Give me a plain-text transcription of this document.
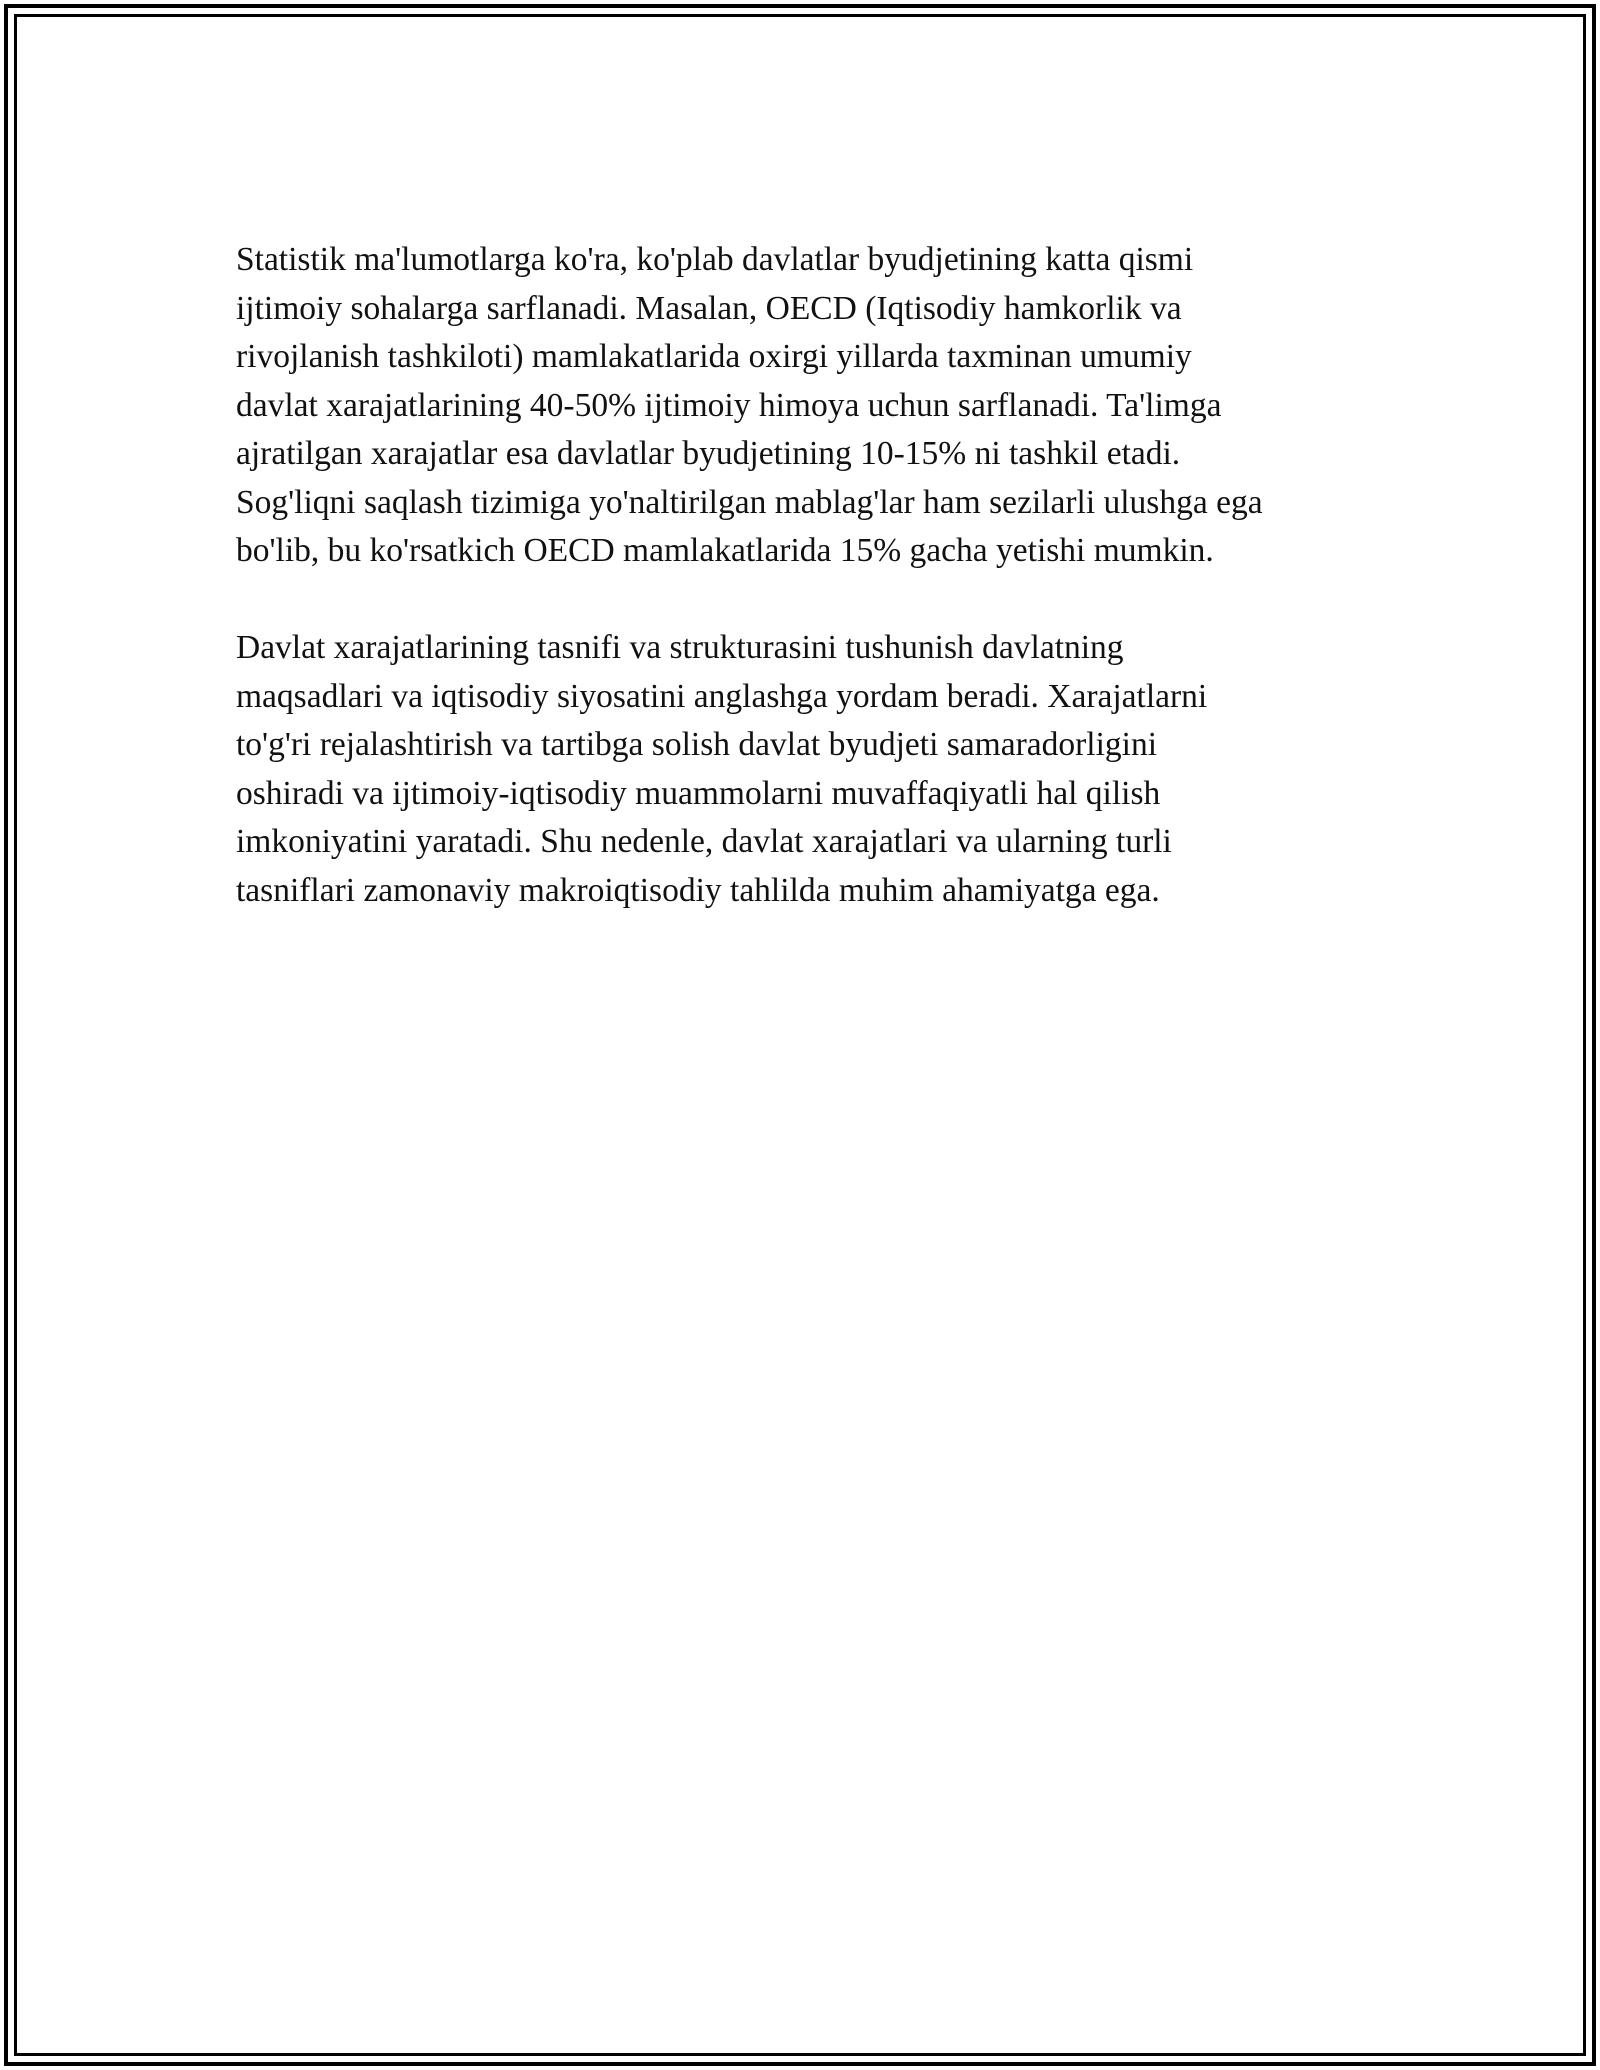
Statistik ma'lumotlarga ko'ra, ko'plab davlatlar byudjetining katta qismi
ijtimoiy sohalarga sarflanadi. Masalan, OECD (Iqtisodiy hamkorlik va
rivojlanish tashkiloti) mamlakatlarida oxirgi yillarda taxminan umumiy
davlat xarajatlarining 40-50% ijtimoiy himoya uchun sarflanadi. Ta'limga
ajratilgan xarajatlar esa davlatlar byudjetining 10-15% ni tashkil etadi.
Sog'liqni saqlash tizimiga yo'naltirilgan mablag'lar ham sezilarli ulushga ega
bo'lib, bu ko'rsatkich OECD mamlakatlarida 15% gacha yetishi mumkin.

Davlat xarajatlarining tasnifi va strukturasini tushunish davlatning
maqsadlari va iqtisodiy siyosatini anglashga yordam beradi. Xarajatlarni
to'g'ri rejalashtirish va tartibga solish davlat byudjeti samaradorligini
oshiradi va ijtimoiy-iqtisodiy muammolarni muvaffaqiyatli hal qilish
imkoniyatini yaratadi. Shu nedenle, davlat xarajatlari va ularning turli
tasniflari zamonaviy makroiqtisodiy tahlilda muhim ahamiyatga ega.
